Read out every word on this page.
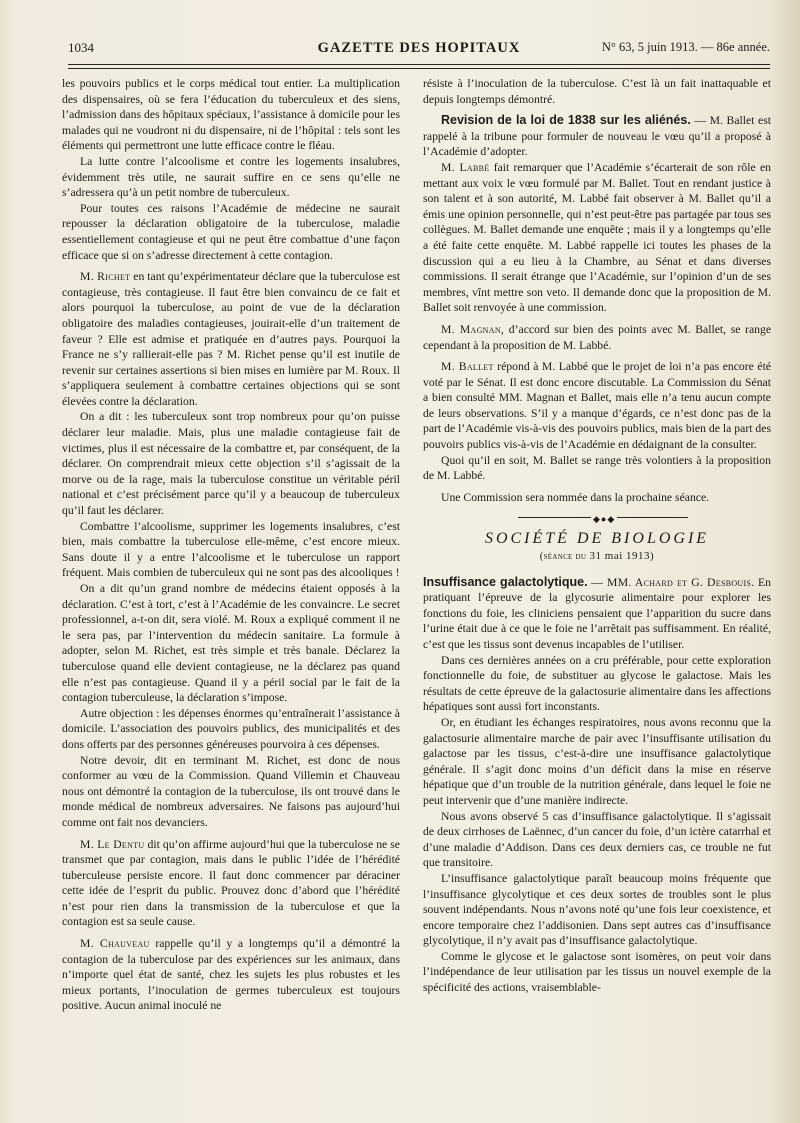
1034	GAZETTE DES HOPITAUX	N° 63, 5 juin 1913. — 86e année.

les pouvoirs publics et le corps médical tout entier. La multiplication des dispensaires, où se fera l’éducation du tuberculeux et des siens, l’admission dans des hôpitaux spéciaux, l’assistance à domicile pour les malades qui ne voudront ni du dispensaire, ni de l’hôpital : tels sont les éléments qui permettront une lutte efficace contre le fléau.

La lutte contre l’alcoolisme et contre les logements insalubres, évidemment très utile, ne saurait suffire en ce sens qu’elle ne s’adressera qu’à un petit nombre de tuberculeux.

Pour toutes ces raisons l’Académie de médecine ne saurait repousser la déclaration obligatoire de la tuberculose, maladie essentiellement contagieuse et qui ne peut être combattue d’une façon efficace que si on s’adresse directement à cette contagion.

M. Richet en tant qu’expérimentateur déclare que la tuberculose est contagieuse, très contagieuse. Il faut être bien convaincu de ce fait et alors pourquoi la tuberculose, au point de vue de la déclaration obligatoire des maladies contagieuses, jouirait-elle d’un traitement de faveur ? Elle est admise et pratiquée en d’autres pays. Pourquoi la France ne s’y rallierait-elle pas ? M. Richet pense qu’il est inutile de revenir sur certaines assertions si bien mises en lumière par M. Roux. Il s’appliquera seulement à combattre certaines objections qui se sont élevées contre la déclaration.

On a dit : les tuberculeux sont trop nombreux pour qu’on puisse déclarer leur maladie. Mais, plus une maladie contagieuse fait de victimes, plus il est nécessaire de la combattre et, par conséquent, de la déclarer. On comprendrait mieux cette objection s’il s’agissait de la morve ou de la rage, mais la tuberculose constitue un véritable péril national et c’est précisément parce qu’il y a beaucoup de tuberculeux qu’il faut les déclarer.

Combattre l’alcoolisme, supprimer les logements insalubres, c’est bien, mais combattre la tuberculose elle-même, c’est encore mieux. Sans doute il y a entre l’alcoolisme et le tuberculose un rapport fréquent. Mais combien de tuberculeux qui ne sont pas des alcooliques !

On a dit qu’un grand nombre de médecins étaient opposés à la déclaration. C’est à tort, c’est à l’Académie de les convaincre. Le secret professionnel, a-t-on dit, sera violé. M. Roux a expliqué comment il ne le sera pas, par l’intervention du médecin sanitaire. La formule à adopter, selon M. Richet, est très simple et très banale. Déclarez la tuberculose quand elle devient contagieuse, ne la déclarez pas quand elle n’est pas contagieuse. Quand il y a péril social par le fait de la contagion tuberculeuse, la déclaration s’impose.

Autre objection : les dépenses énormes qu’entraînerait l’assistance à domicile. L’association des pouvoirs publics, des municipalités et des dons offerts par des personnes généreuses pourvoira à ces dépenses.

Notre devoir, dit en terminant M. Richet, est donc de nous conformer au vœu de la Commission. Quand Villemin et Chauveau nous ont démontré la contagion de la tuberculose, ils ont trouvé dans le monde médical de nombreux adversaires. Ne faisons pas aujourd’hui comme ont fait nos devanciers.

M. Le Dentu dit qu’on affirme aujourd’hui que la tuberculose ne se transmet que par contagion, mais dans le public l’idée de l’hérédité tuberculeuse persiste encore. Il faut donc commencer par déraciner cette idée de l’esprit du public. Prouvez donc d’abord que l’hérédité n’est pour rien dans la transmission de la tuberculose et que la contagion est sa seule cause.

M. Chauveau rappelle qu’il y a longtemps qu’il a démontré la contagion de la tuberculose par des expériences sur les animaux, dans n’importe quel état de santé, chez les sujets les plus robustes et les mieux portants, l’inoculation de germes tuberculeux est toujours positive. Aucun animal inoculé ne

résiste à l’inoculation de la tuberculose. C’est là un fait inattaquable et depuis longtemps démontré.

Revision de la loi de 1838 sur les aliénés. — M. Ballet est rappelé à la tribune pour formuler de nouveau le vœu qu’il a proposé à l’Académie d’adopter.

M. Labbé fait remarquer que l’Académie s’écarterait de son rôle en mettant aux voix le vœu formulé par M. Ballet. Tout en rendant justice à son talent et à son autorité, M. Labbé fait observer à M. Ballet qu’il a émis une opinion personnelle, qui n’est peut-être pas partagée par tous ses collègues. M. Ballet demande une enquête ; mais il y a longtemps qu’elle a été faite cette enquête. M. Labbé rappelle ici toutes les phases de la discussion qui a eu lieu à la Chambre, au Sénat et dans diverses commissions. Il serait étrange que l’Académie, sur l’opinion d’un de ses membres, vînt mettre son veto. Il demande donc que la proposition de M. Ballet soit renvoyée à une commission.

M. Magnan, d’accord sur bien des points avec M. Ballet, se range cependant à la proposition de M. Labbé.

M. Ballet répond à M. Labbé que le projet de loi n’a pas encore été voté par le Sénat. Il est donc encore discutable. La Commission du Sénat a bien consulté MM. Magnan et Ballet, mais elle n’a tenu aucun compte de leurs observations. S’il y a manque d’égards, ce n’est donc pas de la part de l’Académie vis-à-vis des pouvoirs publics, mais bien de la part des pouvoirs publics vis-à-vis de l’Académie en dédaignant de la consulter.

Quoi qu’il en soit, M. Ballet se range très volontiers à la proposition de M. Labbé.

Une Commission sera nommée dans la prochaine séance.

◆●◆
SOCIÉTÉ DE BIOLOGIE
(séance du 31 mai 1913)

Insuffisance galactolytique. — MM. Achard et G. Desbouis. En pratiquant l’épreuve de la glycosurie alimentaire pour explorer les fonctions du foie, les cliniciens pensaient que l’apparition du sucre dans l’urine était due à ce que le foie ne l’arrêtait pas suffisamment. En réalité, c’est que les tissus sont devenus incapables de l’utiliser.

Dans ces dernières années on a cru préférable, pour cette exploration fonctionnelle du foie, de substituer au glycose le galactose. Mais les résultats de cette épreuve de la galactosurie alimentaire dans les affections hépatiques sont aussi fort inconstants.

Or, en étudiant les échanges respiratoires, nous avons reconnu que la galactosurie alimentaire marche de pair avec l’insuffisante utilisation du galactose par les tissus, c’est-à-dire une insuffisance galactolytique générale. Il s’agit donc moins d’un déficit dans la mise en réserve hépatique que d’un trouble de la nutrition générale, dans lequel le foie ne peut intervenir que d’une manière indirecte.

Nous avons observé 5 cas d’insuffisance galactolytique. Il s’agissait de deux cirrhoses de Laënnec, d’un cancer du foie, d’un ictère catarrhal et d’une maladie d’Addison. Dans ces deux derniers cas, ce trouble ne fut que transitoire.

L’insuffisance galactolytique paraît beaucoup moins fréquente que l’insuffisance glycolytique et ces deux sortes de troubles sont le plus souvent indépendants. Nous n’avons noté qu’une fois leur coexistence, et encore temporaire chez l’addisonien. Dans sept autres cas d’insuffisance glycolytique, il n’y avait pas d’insuffisance galactolytique.

Comme le glycose et le galactose sont isomères, on peut voir dans l’indépendance de leur utilisation par les tissus un nouvel exemple de la spécificité des actions, vraisemblable-
